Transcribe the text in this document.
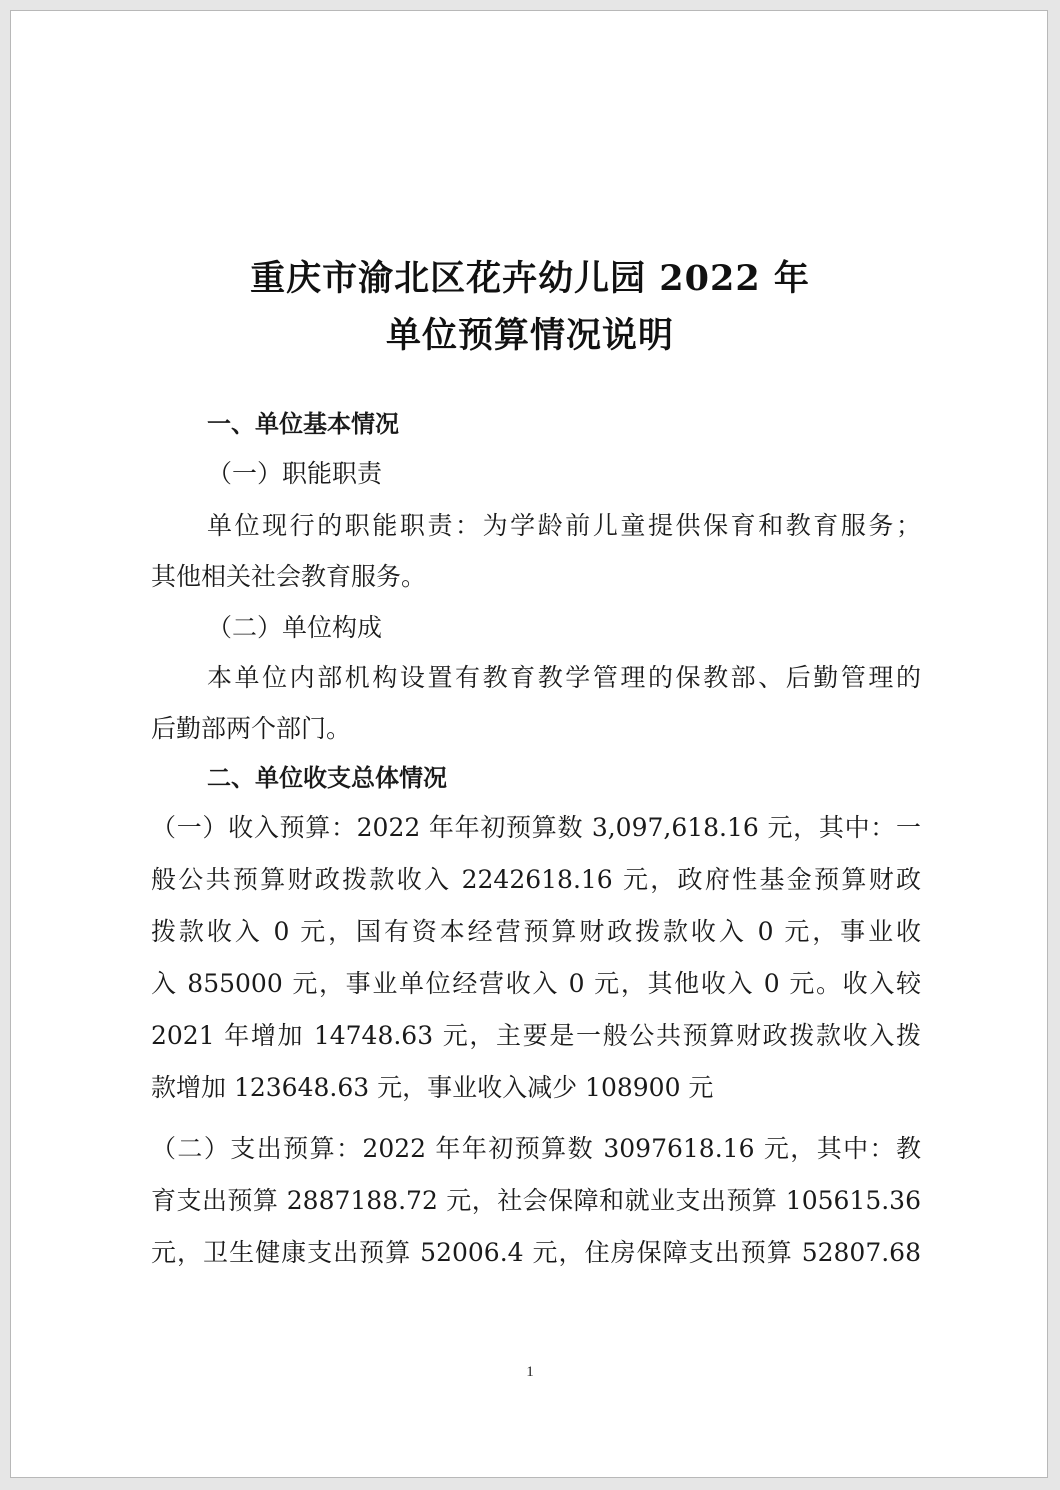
重庆市渝北区花卉幼儿园 2022 年
单位预算情况说明
一、单位基本情况
（一）职能职责
单位现行的职能职责：为学龄前儿童提供保育和教育服务；
其他相关社会教育服务。
（二）单位构成
本单位内部机构设置有教育教学管理的保教部、后勤管理的
后勤部两个部门。
二、单位收支总体情况
（一）收入预算：2022 年年初预算数 3,097,618.16 元，其中：一
般公共预算财政拨款收入 2242618.16 元，政府性基金预算财政
拨款收入 0 元，国有资本经营预算财政拨款收入 0 元，事业收
入 855000 元，事业单位经营收入 0 元，其他收入 0 元。收入较
2021 年增加 14748.63 元，主要是一般公共预算财政拨款收入拨
款增加 123648.63 元，事业收入减少 108900 元
（二）支出预算：2022 年年初预算数 3097618.16 元，其中：教
育支出预算 2887188.72 元，社会保障和就业支出预算 105615.36
元，卫生健康支出预算 52006.4 元，住房保障支出预算 52807.68
1
